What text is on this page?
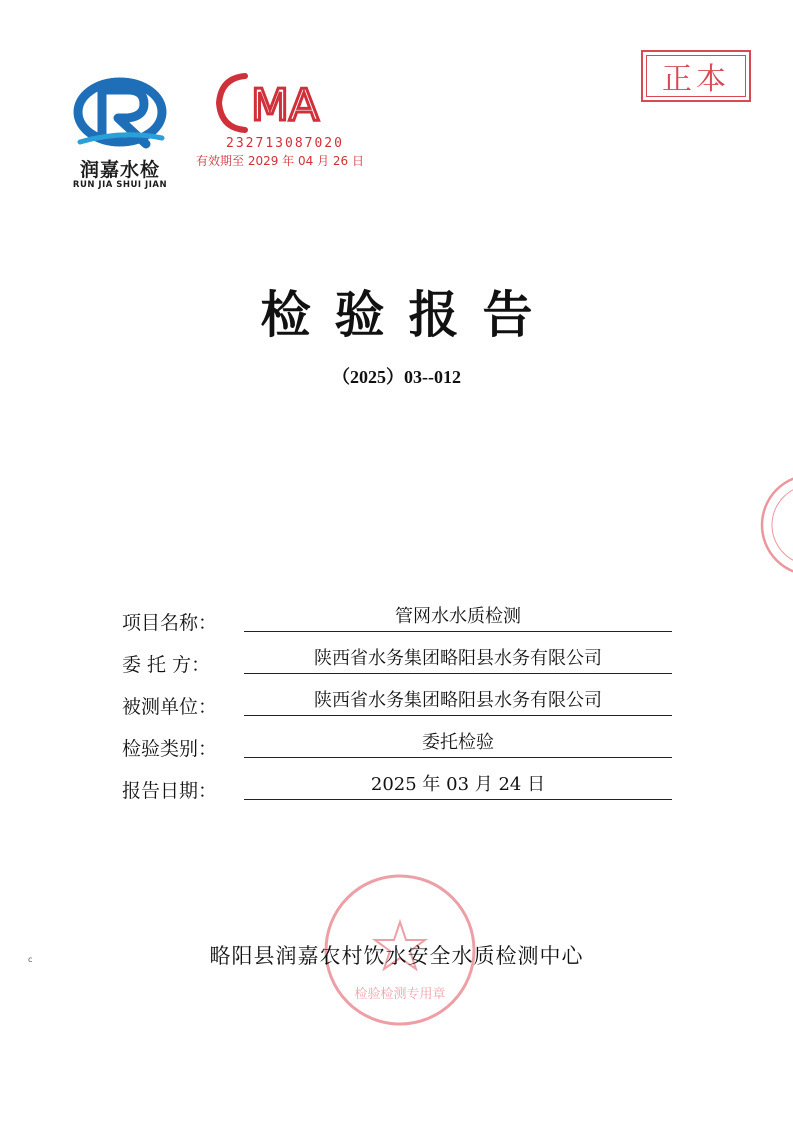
润嘉水检
RUN JIA SHUI JIAN
MA
232713087020
有效期至 2029 年 04 月 26 日
正本
检验报告
（2025）03--012
项目名称：	管网水水质检测
委 托 方：	陕西省水务集团略阳县水务有限公司
被测单位：	陕西省水务集团略阳县水务有限公司
检验类别：	委托检验
报告日期：	2025 年 03 月 24 日
检验检测专用章
略阳县润嘉农村饮水安全水质检测中心
c
